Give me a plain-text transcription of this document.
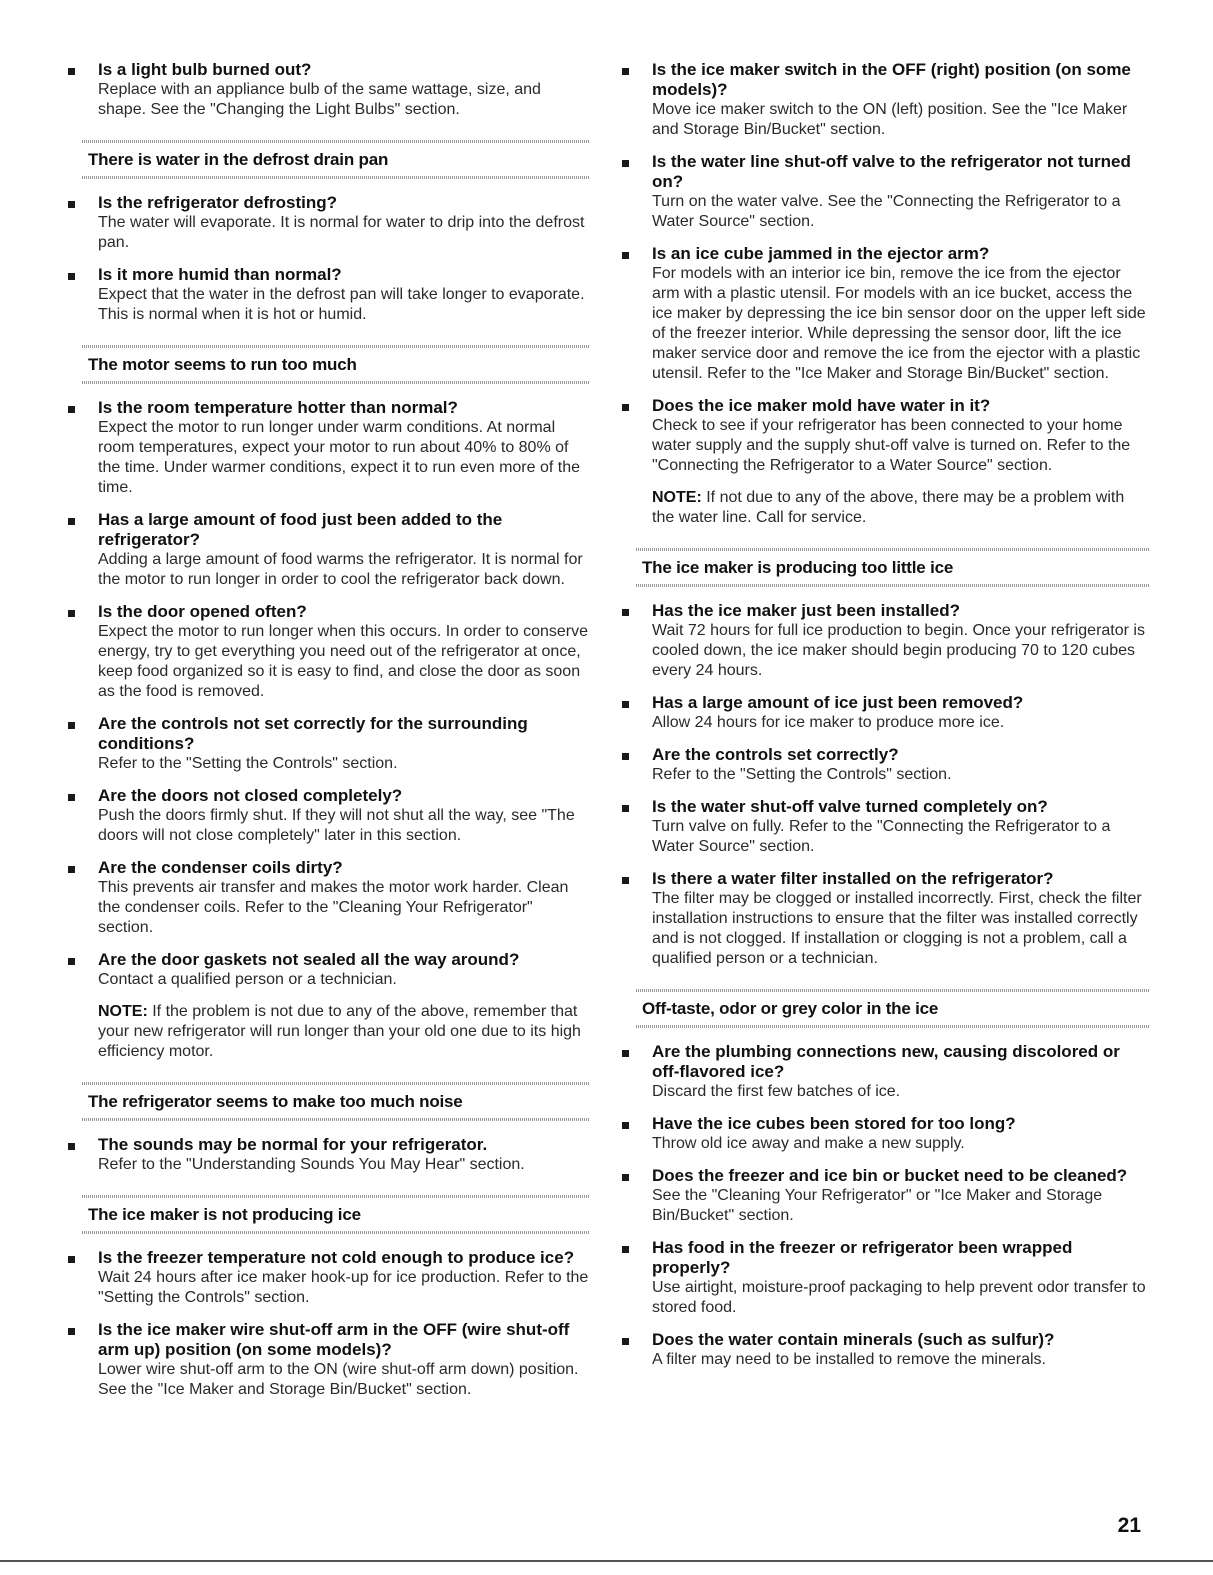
Is a light bulb burned out?
Replace with an appliance bulb of the same wattage, size, and shape. See the "Changing the Light Bulbs" section.
There is water in the defrost drain pan
Is the refrigerator defrosting?
The water will evaporate. It is normal for water to drip into the defrost pan.
Is it more humid than normal?
Expect that the water in the defrost pan will take longer to evaporate. This is normal when it is hot or humid.
The motor seems to run too much
Is the room temperature hotter than normal?
Expect the motor to run longer under warm conditions. At normal room temperatures, expect your motor to run about 40% to 80% of the time. Under warmer conditions, expect it to run even more of the time.
Has a large amount of food just been added to the refrigerator?
Adding a large amount of food warms the refrigerator. It is normal for the motor to run longer in order to cool the refrigerator back down.
Is the door opened often?
Expect the motor to run longer when this occurs. In order to conserve energy, try to get everything you need out of the refrigerator at once, keep food organized so it is easy to find, and close the door as soon as the food is removed.
Are the controls not set correctly for the surrounding conditions?
Refer to the "Setting the Controls" section.
Are the doors not closed completely?
Push the doors firmly shut. If they will not shut all the way, see "The doors will not close completely" later in this section.
Are the condenser coils dirty?
This prevents air transfer and makes the motor work harder. Clean the condenser coils. Refer to the "Cleaning Your Refrigerator" section.
Are the door gaskets not sealed all the way around?
Contact a qualified person or a technician.
NOTE: If the problem is not due to any of the above, remember that your new refrigerator will run longer than your old one due to its high efficiency motor.
The refrigerator seems to make too much noise
The sounds may be normal for your refrigerator.
Refer to the "Understanding Sounds You May Hear" section.
The ice maker is not producing ice
Is the freezer temperature not cold enough to produce ice?
Wait 24 hours after ice maker hook-up for ice production. Refer to the "Setting the Controls" section.
Is the ice maker wire shut-off arm in the OFF (wire shut-off arm up) position (on some models)?
Lower wire shut-off arm to the ON (wire shut-off arm down) position. See the "Ice Maker and Storage Bin/Bucket" section.
Is the ice maker switch in the OFF (right) position (on some models)?
Move ice maker switch to the ON (left) position. See the "Ice Maker and Storage Bin/Bucket" section.
Is the water line shut-off valve to the refrigerator not turned on?
Turn on the water valve. See the "Connecting the Refrigerator to a Water Source" section.
Is an ice cube jammed in the ejector arm?
For models with an interior ice bin, remove the ice from the ejector arm with a plastic utensil. For models with an ice bucket, access the ice maker by depressing the ice bin sensor door on the upper left side of the freezer interior. While depressing the sensor door, lift the ice maker service door and remove the ice from the ejector with a plastic utensil. Refer to the "Ice Maker and Storage Bin/Bucket" section.
Does the ice maker mold have water in it?
Check to see if your refrigerator has been connected to your home water supply and the supply shut-off valve is turned on. Refer to the "Connecting the Refrigerator to a Water Source" section.
NOTE: If not due to any of the above, there may be a problem with the water line. Call for service.
The ice maker is producing too little ice
Has the ice maker just been installed?
Wait 72 hours for full ice production to begin. Once your refrigerator is cooled down, the ice maker should begin producing 70 to 120 cubes every 24 hours.
Has a large amount of ice just been removed?
Allow 24 hours for ice maker to produce more ice.
Are the controls set correctly?
Refer to the "Setting the Controls" section.
Is the water shut-off valve turned completely on?
Turn valve on fully. Refer to the "Connecting the Refrigerator to a Water Source" section.
Is there a water filter installed on the refrigerator?
The filter may be clogged or installed incorrectly. First, check the filter installation instructions to ensure that the filter was installed correctly and is not clogged. If installation or clogging is not a problem, call a qualified person or a technician.
Off-taste, odor or grey color in the ice
Are the plumbing connections new, causing discolored or off-flavored ice?
Discard the first few batches of ice.
Have the ice cubes been stored for too long?
Throw old ice away and make a new supply.
Does the freezer and ice bin or bucket need to be cleaned?
See the "Cleaning Your Refrigerator" or "Ice Maker and Storage Bin/Bucket" section.
Has food in the freezer or refrigerator been wrapped properly?
Use airtight, moisture-proof packaging to help prevent odor transfer to stored food.
Does the water contain minerals (such as sulfur)?
A filter may need to be installed to remove the minerals.
21
